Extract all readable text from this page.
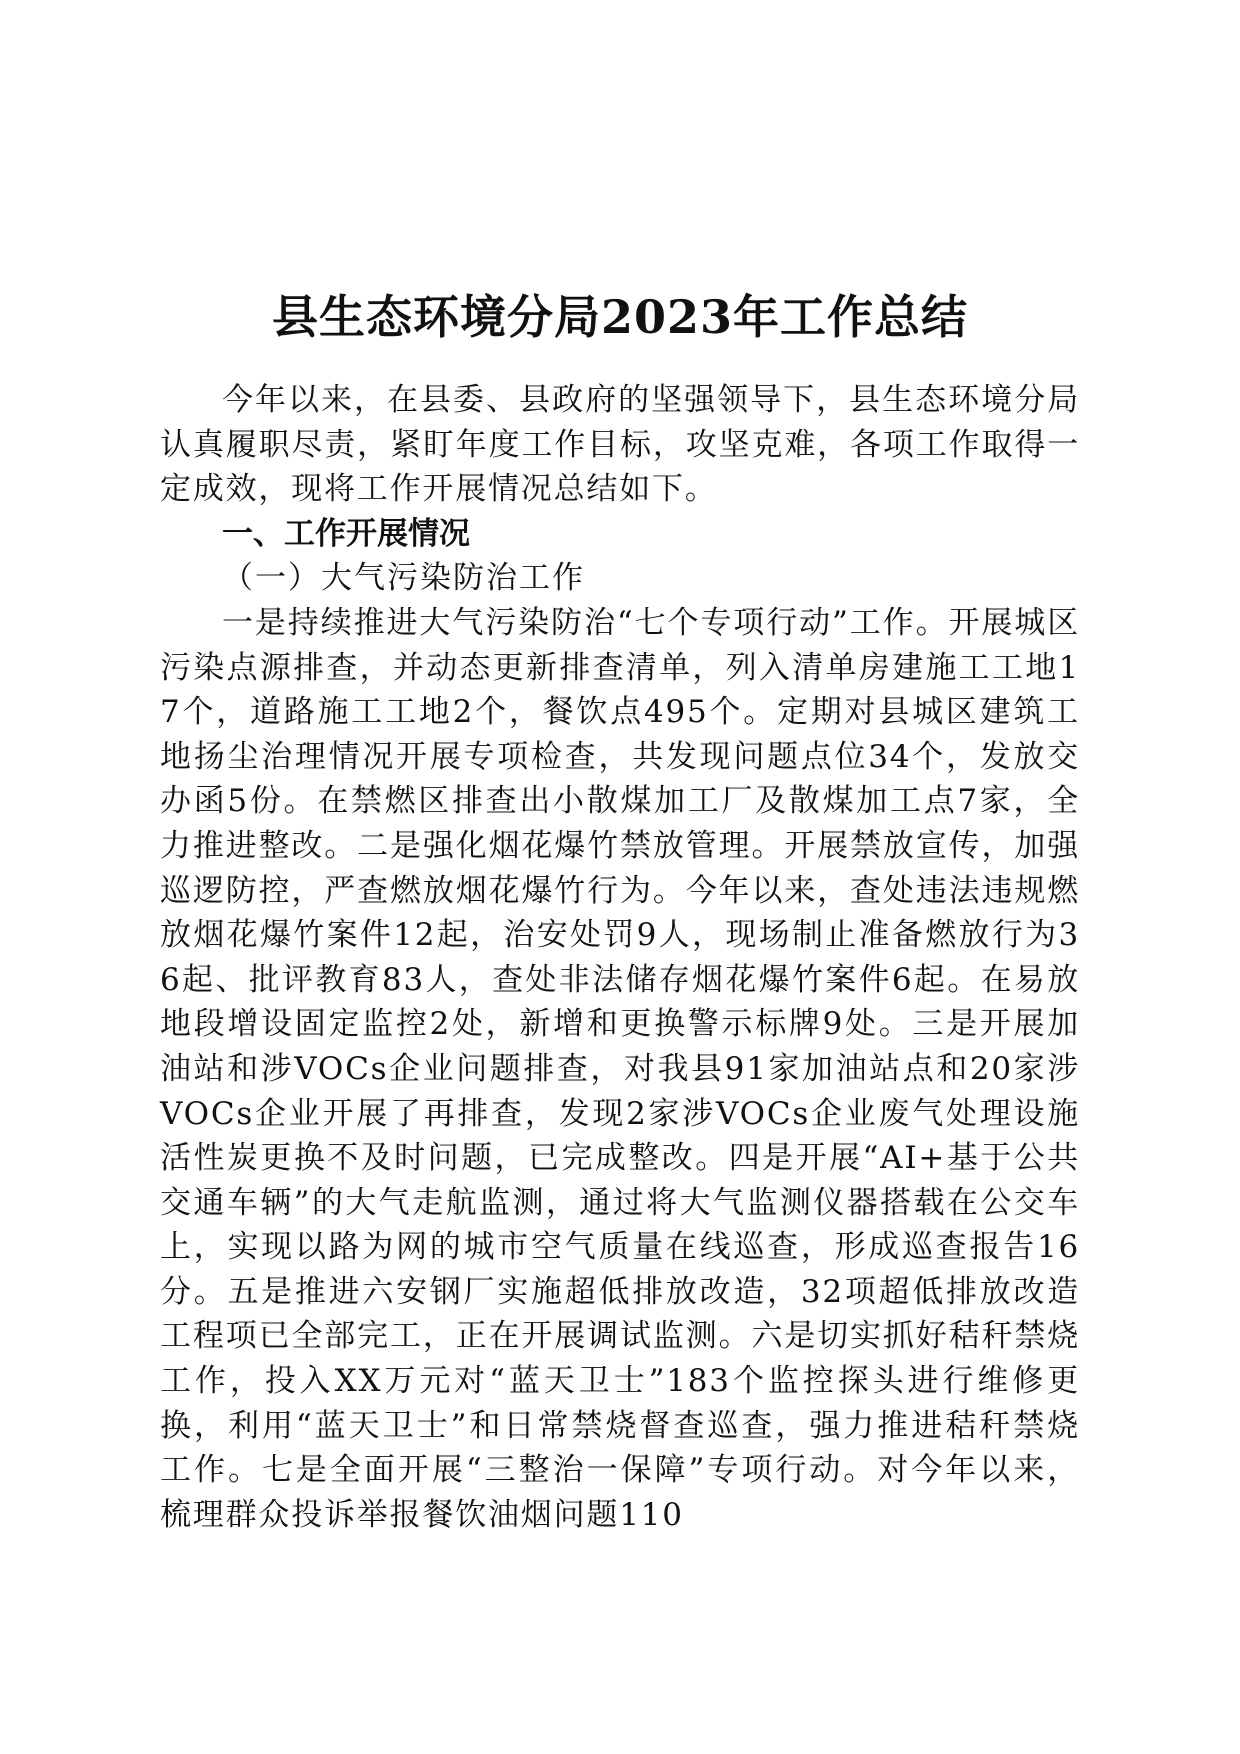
县生态环境分局2023年工作总结

今年以来，在县委、县政府的坚强领导下，县生态环境分局认真履职尽责，紧盯年度工作目标，攻坚克难，各项工作取得一定成效，现将工作开展情况总结如下。

一、工作开展情况
（一）大气污染防治工作

一是持续推进大气污染防治“七个专项行动”工作。开展城区污染点源排查，并动态更新排查清单，列入清单房建施工工地17个，道路施工工地2个，餐饮点495个。定期对县城区建筑工地扬尘治理情况开展专项检查，共发现问题点位34个，发放交办函5份。在禁燃区排查出小散煤加工厂及散煤加工点7家，全力推进整改。二是强化烟花爆竹禁放管理。开展禁放宣传，加强巡逻防控，严查燃放烟花爆竹行为。今年以来，查处违法违规燃放烟花爆竹案件12起，治安处罚9人，现场制止准备燃放行为36起、批评教育83人，查处非法储存烟花爆竹案件6起。在易放地段增设固定监控2处，新增和更换警示标牌9处。三是开展加油站和涉VOCs企业问题排查，对我县91家加油站点和20家涉VOCs企业开展了再排查，发现2家涉VOCs企业废气处理设施活性炭更换不及时问题，已完成整改。四是开展“AI+基于公共交通车辆”的大气走航监测，通过将大气监测仪器搭载在公交车上，实现以路为网的城市空气质量在线巡查，形成巡查报告16分。五是推进六安钢厂实施超低排放改造，32项超低排放改造工程项已全部完工，正在开展调试监测。六是切实抓好秸秆禁烧工作，投入XX万元对“蓝天卫士”183个监控探头进行维修更换，利用“蓝天卫士”和日常禁烧督查巡查，强力推进秸秆禁烧工作。七是全面开展“三整治一保障”专项行动。对今年以来，梳理群众投诉举报餐饮油烟问题110
